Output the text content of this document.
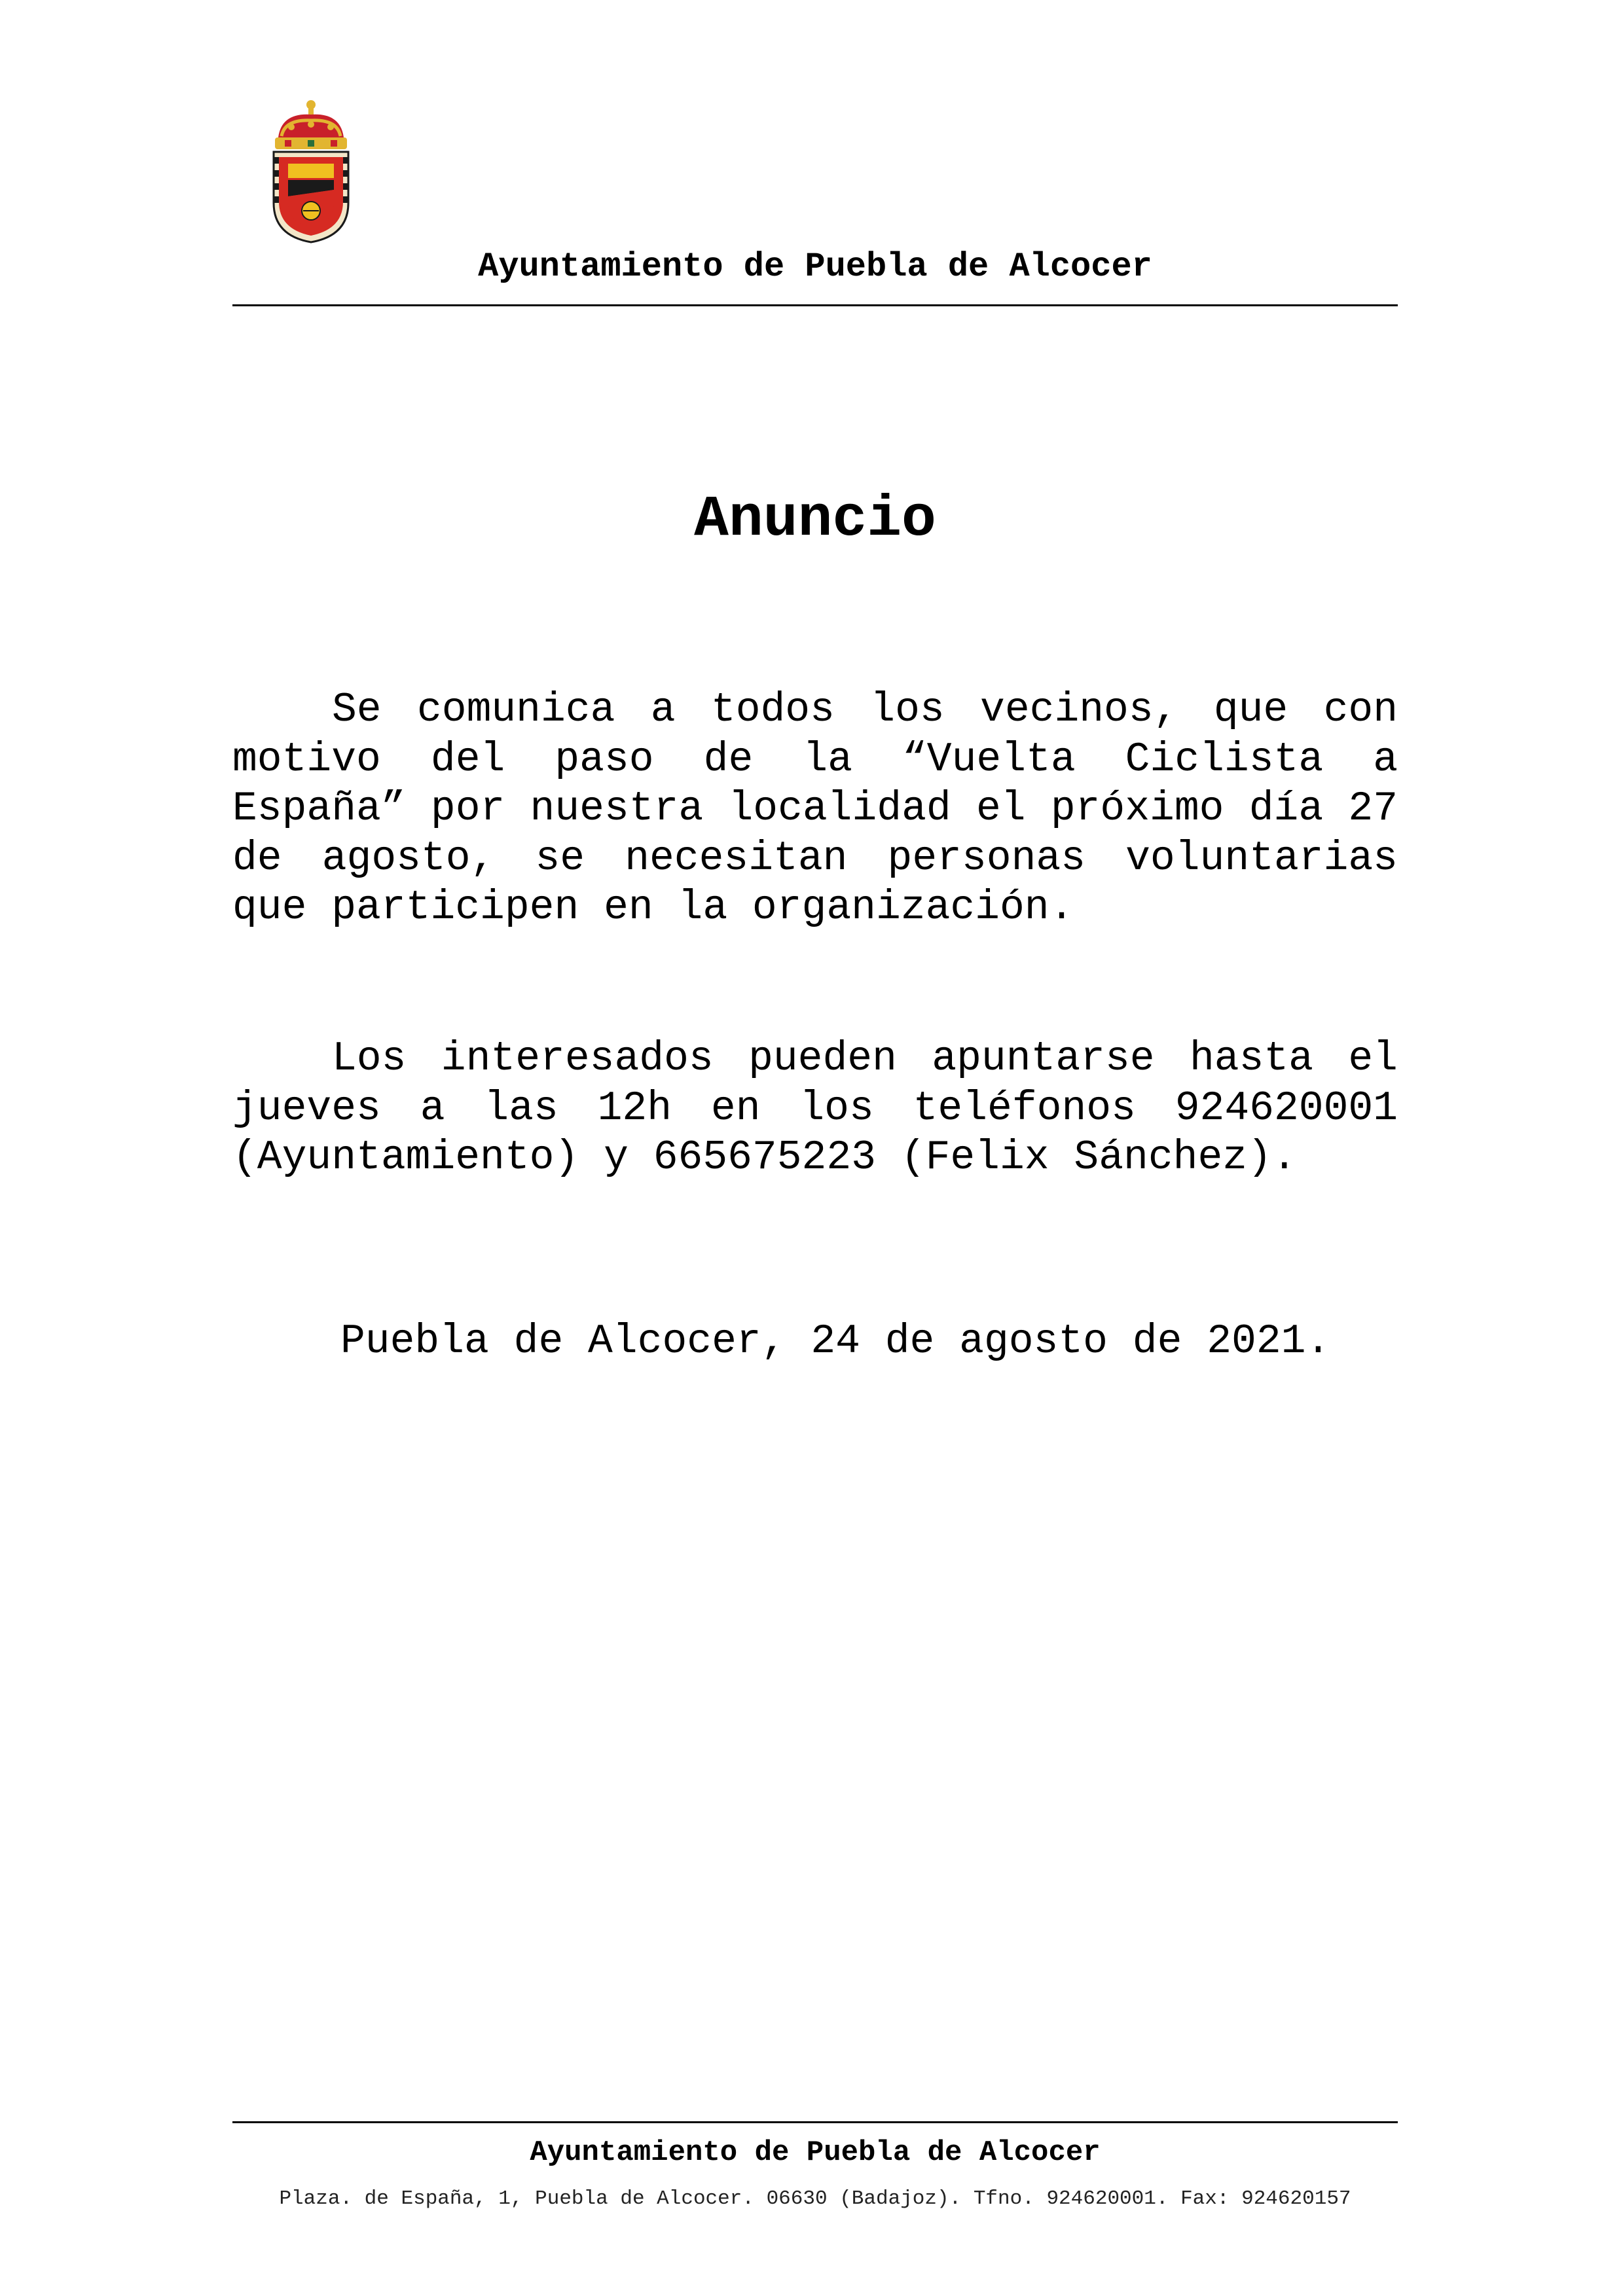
Ayuntamiento de Puebla de Alcocer
Anuncio

Se comunica a todos los vecinos, que con motivo del paso de la “Vuelta Ciclista a España” por nuestra localidad el próximo día 27 de agosto, se necesitan personas voluntarias que participen en la organización.

Los interesados pueden apuntarse hasta el jueves a las 12h en los teléfonos 924620001 (Ayuntamiento) y 665675223 (Felix Sánchez).

Puebla de Alcocer, 24 de agosto de 2021.
Ayuntamiento de Puebla de Alcocer
Plaza. de España, 1, Puebla de Alcocer. 06630 (Badajoz). Tfno. 924620001. Fax: 924620157
